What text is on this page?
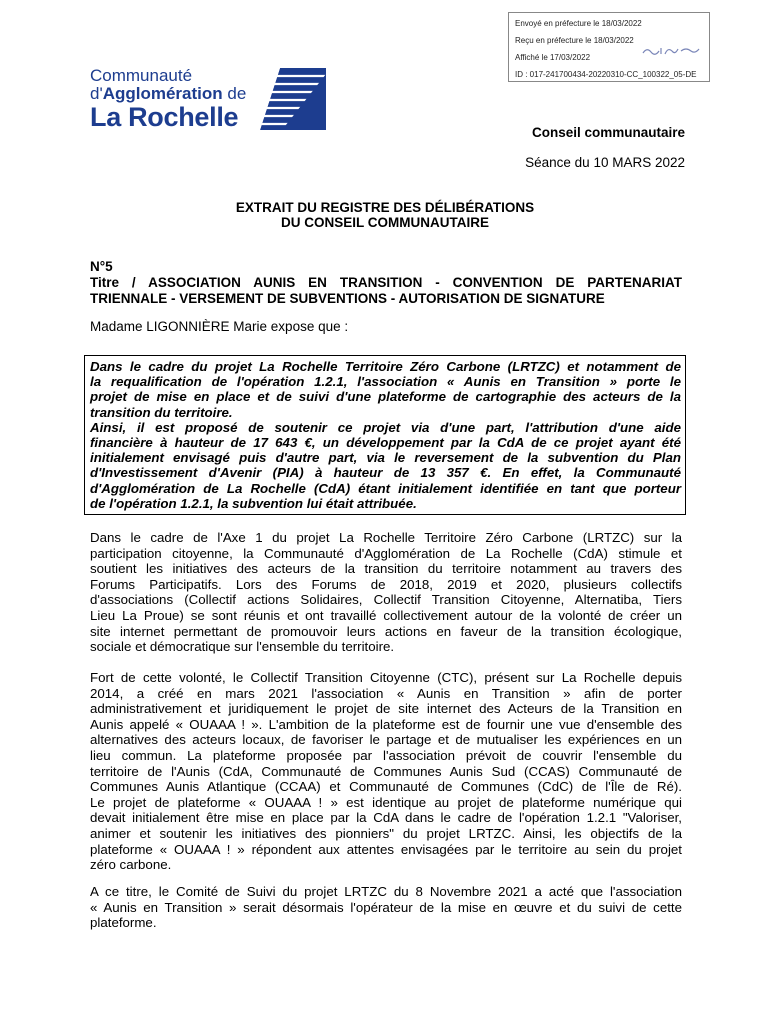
Envoyé en préfecture le 18/03/2022
Reçu en préfecture le 18/03/2022
Affiché le 17/03/2022
ID : 017-241700434-20220310-CC_100322_05-DE
Communauté
d'Agglomération de
La Rochelle
Conseil communautaire
Séance du 10 MARS 2022
EXTRAIT DU REGISTRE DES DÉLIBÉRATIONS
DU CONSEIL COMMUNAUTAIRE
N°5
Titre / ASSOCIATION AUNIS EN TRANSITION - CONVENTION DE PARTENARIAT
TRIENNALE - VERSEMENT DE SUBVENTIONS - AUTORISATION DE SIGNATURE
Madame LIGONNIÈRE Marie expose que :

Dans le cadre du projet La Rochelle Territoire Zéro Carbone (LRTZC) et notamment de
la requalification de l'opération 1.2.1, l'association « Aunis en Transition » porte le
projet de mise en place et de suivi d'une plateforme de cartographie des acteurs de la
transition du territoire.

Ainsi, il est proposé de soutenir ce projet via d'une part, l'attribution d'une aide
financière à hauteur de 17 643 €, un développement par la CdA de ce projet ayant été
initialement envisagé puis d'autre part, via le reversement de la subvention du Plan
d'Investissement d'Avenir (PIA) à hauteur de 13 357 €. En effet, la Communauté
d'Agglomération de La Rochelle (CdA) étant initialement identifiée en tant que porteur
de l'opération 1.2.1, la subvention lui était attribuée.

Dans le cadre de l'Axe 1 du projet La Rochelle Territoire Zéro Carbone (LRTZC) sur la
participation citoyenne, la Communauté d'Agglomération de La Rochelle (CdA) stimule et
soutient les initiatives des acteurs de la transition du territoire notamment au travers des
Forums Participatifs. Lors des Forums de 2018, 2019 et 2020, plusieurs collectifs
d'associations (Collectif actions Solidaires, Collectif Transition Citoyenne, Alternatiba, Tiers
Lieu La Proue) se sont réunis et ont travaillé collectivement autour de la volonté de créer un
site internet permettant de promouvoir leurs actions en faveur de la transition écologique,
sociale et démocratique sur l'ensemble du territoire.

Fort de cette volonté, le Collectif Transition Citoyenne (CTC), présent sur La Rochelle depuis
2014, a créé en mars 2021 l'association « Aunis en Transition » afin de porter
administrativement et juridiquement le projet de site internet des Acteurs de la Transition en
Aunis appelé « OUAAA ! ». L'ambition de la plateforme est de fournir une vue d'ensemble des
alternatives des acteurs locaux, de favoriser le partage et de mutualiser les expériences en un
lieu commun. La plateforme proposée par l'association prévoit de couvrir l'ensemble du
territoire de l'Aunis (CdA, Communauté de Communes Aunis Sud (CCAS) Communauté de
Communes Aunis Atlantique (CCAA) et Communauté de Communes (CdC) de l'Île de Ré).
Le projet de plateforme « OUAAA ! » est identique au projet de plateforme numérique qui
devait initialement être mise en place par la CdA dans le cadre de l'opération 1.2.1 "Valoriser,
animer et soutenir les initiatives des pionniers" du projet LRTZC. Ainsi, les objectifs de la
plateforme « OUAAA ! » répondent aux attentes envisagées par le territoire au sein du projet
zéro carbone.

A ce titre, le Comité de Suivi du projet LRTZC du 8 Novembre 2021 a acté que l'association
« Aunis en Transition » serait désormais l'opérateur de la mise en œuvre et du suivi de cette
plateforme.
